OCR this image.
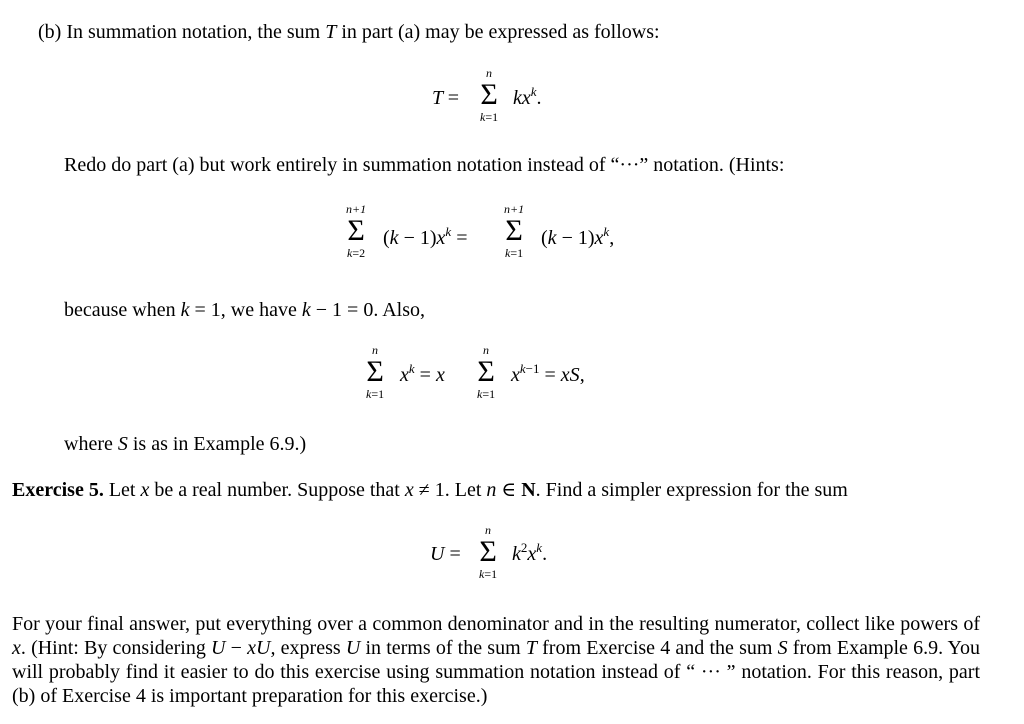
(b) In summation notation, the sum T in part (a) may be expressed as follows:
T =
n
Σ
k=1
$kx^k$.
Redo do part (a) but work entirely in summation notation instead of “···” notation. (Hints:
n+1
Σ
k=2
$(k - 1)x^k$ =
n+1
Σ
k=1
$(k - 1)x^k$,
because when k = 1, we have k − 1 = 0. Also,
n
Σ
k=1
$x^k = x$
n
Σ
k=1
$x^{k-1}$ = xS,
where S is as in Example 6.9.)
Exercise 5. Let x be a real number. Suppose that x ≠ 1. Let n ∈ N. Find a simpler expression for the sum
U =
n
Σ
k=1
$k^2x^k$.
For your final answer, put everything over a common denominator and in the resulting numerator, collect like powers of x. (Hint: By considering U − xU, express U in terms of the sum T from Exercise 4 and the sum S from Example 6.9. You will probably find it easier to do this exercise using summation notation instead of “ ··· ” notation. For this reason, part (b) of Exercise 4 is important preparation for this exercise.)
